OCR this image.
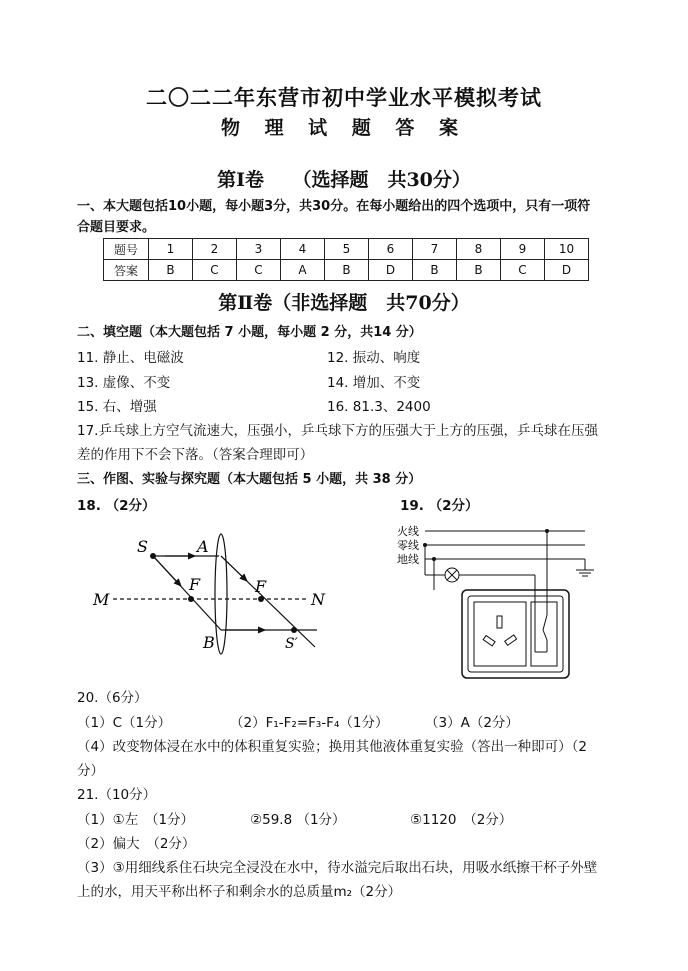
二〇二二年东营市初中学业水平模拟考试
物 理 试 题 答 案
第Ⅰ卷　　（选择题　共30分）
一、本大题包括10小题，每小题3分，共30分。在每小题给出的四个选项中，只有一项符
合题目要求。
题号	1	2	3	4	5	6	7	8	9	10
答案	B	C	C	A	B	D	B	B	C	D
第Ⅱ卷（非选择题　共70分）
二、填空题（本大题包括 7 小题，每小题 2 分，共14 分）
11. 静止、电磁波	12. 振动、响度
13. 虚像、不变	14. 增加、不变
15. 右、增强	16. 81.3、2400
17.乒乓球上方空气流速大，压强小，乒乓球下方的压强大于上方的压强，乒乓球在压强
差的作用下不会下落。（答案合理即可）
三、作图、实验与探究题（本大题包括 5 小题，共 38 分）
18. （2分）	19. （2分）
S	A
F	F
M	N
B	S′
火线
零线
地线
20.（6分）
（1）C（1分）	（2）F₁-F₂=F₃-F₄（1分）	（3）A（2分）
（4）改变物体浸在水中的体积重复实验；换用其他液体重复实验（答出一种即可）（2
分）
21.（10分）
（1）①左　（1分）	②59.8 （1分）	⑤1120　（2分）
（2）偏大　（2分）
（3）③用细线系住石块完全浸没在水中，待水溢完后取出石块，用吸水纸擦干杯子外壁
上的水，用天平称出杯子和剩余水的总质量m₂（2分）
